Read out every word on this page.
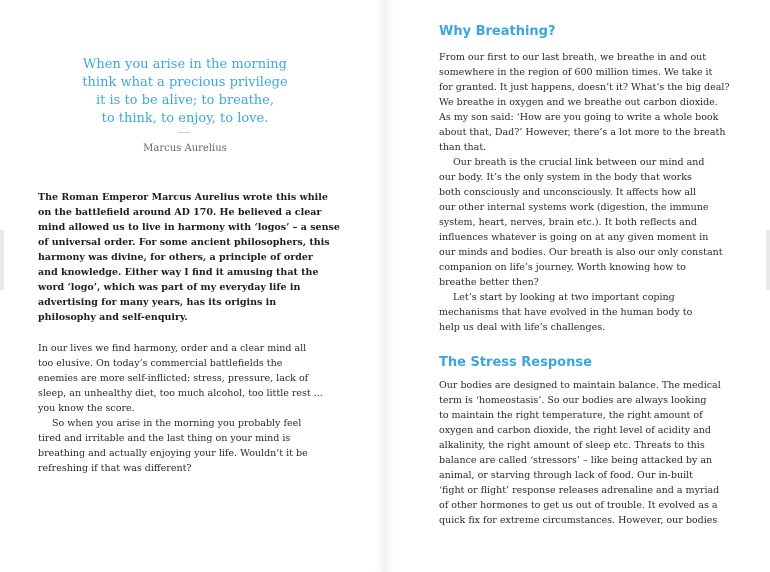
When you arise in the morning
think what a precious privilege
it is to be alive; to breathe,
to think, to enjoy, to love.
Marcus Aurelius
The Roman Emperor Marcus Aurelius wrote this while
on the battlefield around AD 170. He believed a clear
mind allowed us to live in harmony with ‘logos’ – a sense
of universal order. For some ancient philosophers, this
harmony was divine, for others, a principle of order
and knowledge. Either way I find it amusing that the
word ‘logo’, which was part of my everyday life in
advertising for many years, has its origins in
philosophy and self-enquiry.
In our lives we find harmony, order and a clear mind all
too elusive. On today’s commercial battlefields the
enemies are more self-inflicted: stress, pressure, lack of
sleep, an unhealthy diet, too much alcohol, too little rest ...
you know the score.
So when you arise in the morning you probably feel
tired and irritable and the last thing on your mind is
breathing and actually enjoying your life. Wouldn’t it be
refreshing if that was different?
Why Breathing?
From our first to our last breath, we breathe in and out
somewhere in the region of 600 million times. We take it
for granted. It just happens, doesn’t it? What’s the big deal?
We breathe in oxygen and we breathe out carbon dioxide.
As my son said: ‘How are you going to write a whole book
about that, Dad?’ However, there’s a lot more to the breath
than that.
Our breath is the crucial link between our mind and
our body. It’s the only system in the body that works
both consciously and unconsciously. It affects how all
our other internal systems work (digestion, the immune
system, heart, nerves, brain etc.). It both reflects and
influences whatever is going on at any given moment in
our minds and bodies. Our breath is also our only constant
companion on life’s journey. Worth knowing how to
breathe better then?
Let’s start by looking at two important coping
mechanisms that have evolved in the human body to
help us deal with life’s challenges.
The Stress Response
Our bodies are designed to maintain balance. The medical
term is ‘homeostasis’. So our bodies are always looking
to maintain the right temperature, the right amount of
oxygen and carbon dioxide, the right level of acidity and
alkalinity, the right amount of sleep etc. Threats to this
balance are called ‘stressors’ – like being attacked by an
animal, or starving through lack of food. Our in-built
‘fight or flight’ response releases adrenaline and a myriad
of other hormones to get us out of trouble. It evolved as a
quick fix for extreme circumstances. However, our bodies
